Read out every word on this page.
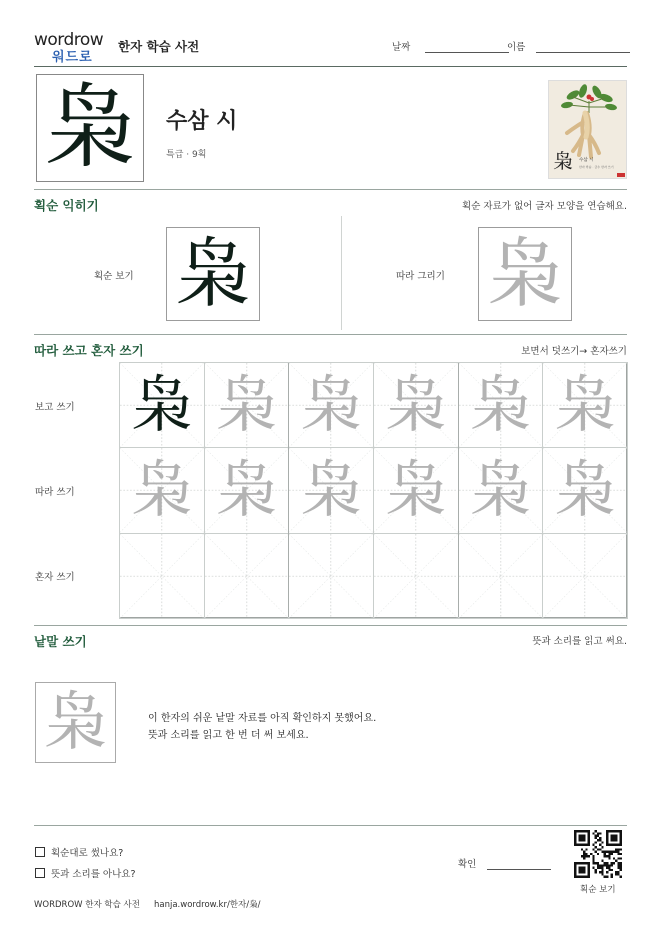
wordrow
워드로
한자 학습 사전	날짜	이름
枭 수삼 시
특급 · 9획	枭 수삼 시
한자 학습 · 급수 한자 쓰기
획순 익히기	획순 자료가 없어 글자 모양을 연습해요.
획순 보기 枭	따라 그리기 枭
따라 쓰고 혼자 쓰기	보면서 덧쓰기→ 혼자쓰기
枭 枭 枭 枭 枭 枭
枭 枭 枭 枭 枭 枭
보고 쓰기
따라 쓰기
혼자 쓰기
낱말 쓰기	뜻과 소리를 읽고 써요.
枭	이 한자의 쉬운 낱말 자료를 아직 확인하지 못했어요.
뜻과 소리를 읽고 한 번 더 써 보세요.
획순대로 썼나요?
뜻과 소리를 아나요?
확인
획순 보기
WORDROW 한자 학습 사전 hanja.wordrow.kr/한자/枭/
